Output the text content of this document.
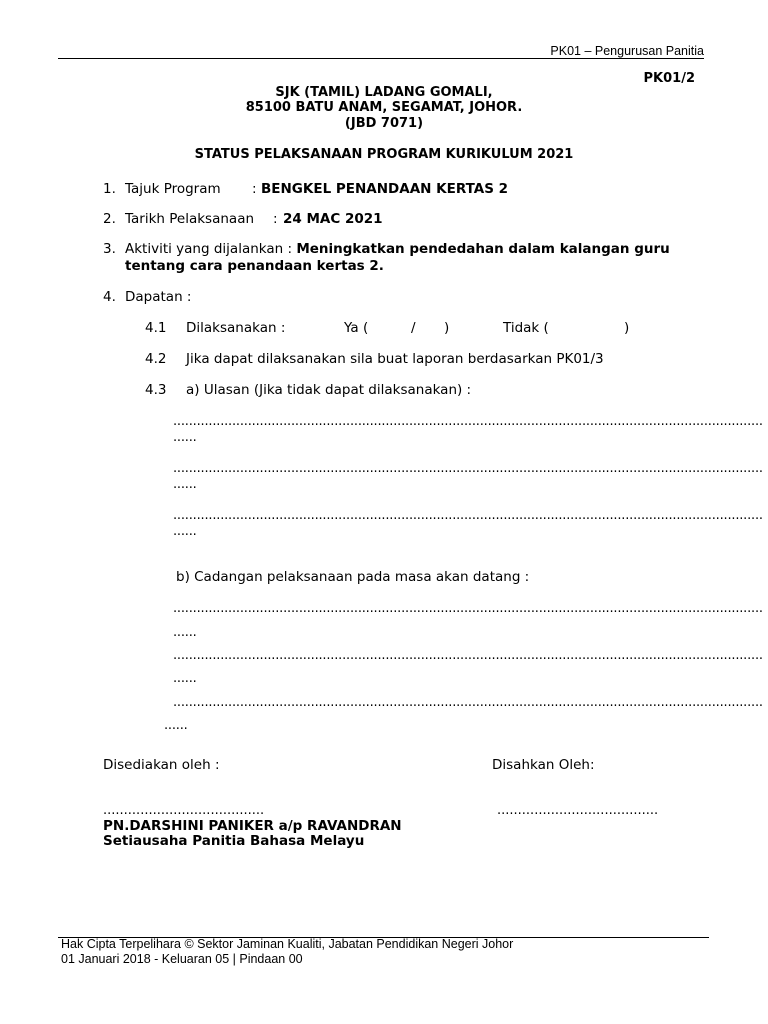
PK01 – Pengurusan Panitia
PK01/2
SJK (TAMIL) LADANG GOMALI,
85100 BATU ANAM, SEGAMAT, JOHOR.
(JBD 7071)
STATUS PELAKSANAAN PROGRAM KURIKULUM 2021
1. Tajuk Program : BENGKEL PENANDAAN KERTAS 2
2. Tarikh Pelaksanaan : 24 MAC 2021
3. Aktiviti yang dijalankan : Meningkatkan pendedahan dalam kalangan guru tentang cara penandaan kertas 2.
4. Dapatan :
4.1 Dilaksanakan :	Ya (	/ )	Tidak (	)
4.2 Jika dapat dilaksanakan sila buat laporan berdasarkan PK01/3
4.3 a) Ulasan (Jika tidak dapat dilaksanakan) :
......................................................................................................................................................
......
......................................................................................................................................................
......
......................................................................................................................................................
......
b) Cadangan pelaksanaan pada masa akan datang :
......................................................................................................................................................
......
......................................................................................................................................................
......
......................................................................................................................................................
......
Disediakan oleh :	Disahkan Oleh:
.......................................	.......................................
PN.DARSHINI PANIKER a/p RAVANDRAN
Setiausaha Panitia Bahasa Melayu
Hak Cipta Terpelihara © Sektor Jaminan Kualiti, Jabatan Pendidikan Negeri Johor
01 Januari 2018 - Keluaran 05 | Pindaan 00
